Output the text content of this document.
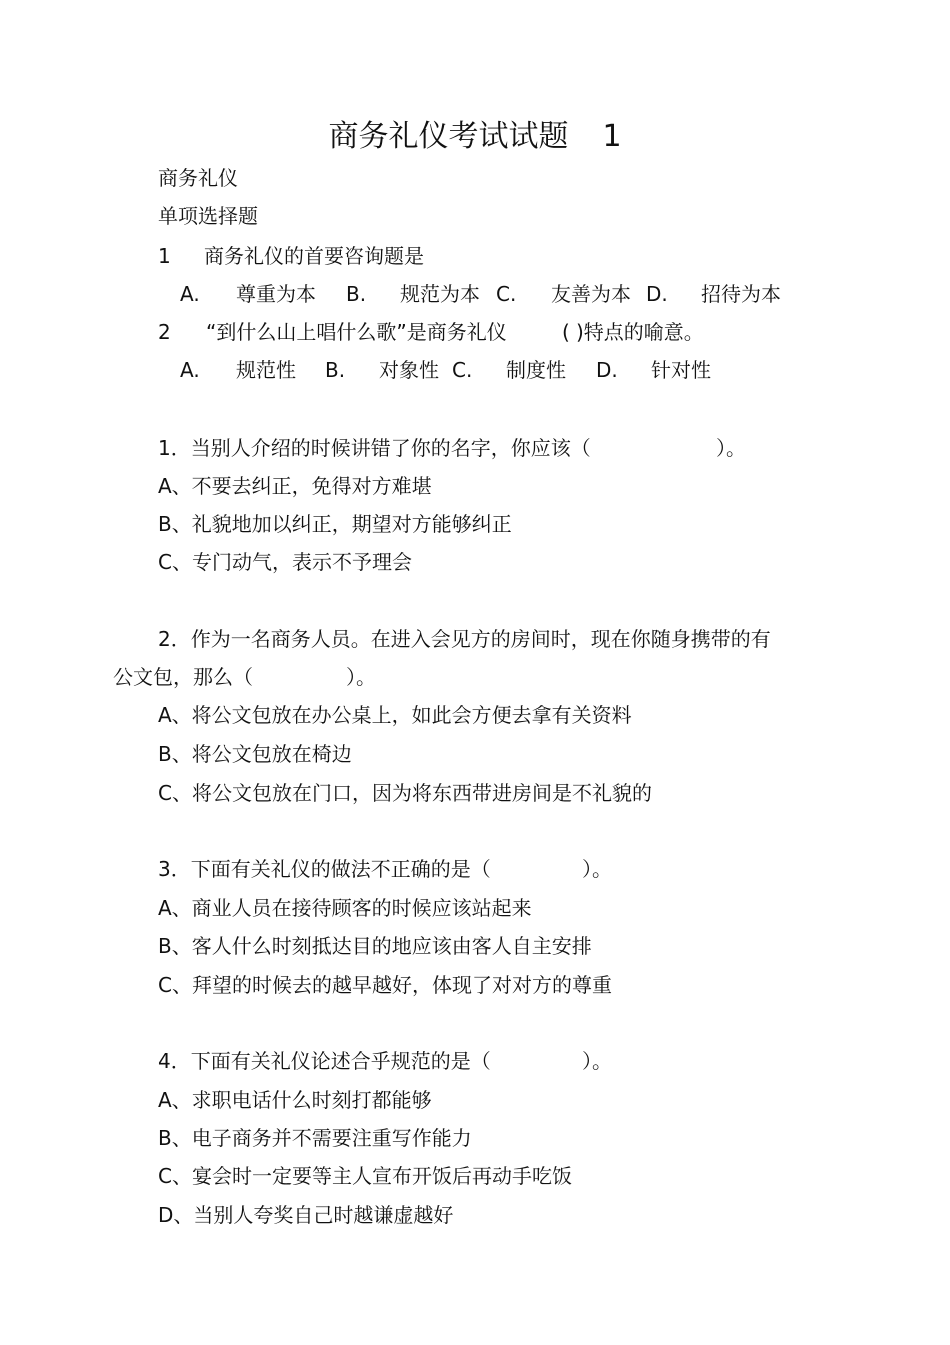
商务礼仪考试试题 1
商务礼仪
单项选择题
1 商务礼仪的首要咨询题是
A. 尊重为本 B. 规范为本 C. 友善为本 D. 招待为本
2 “到什么山上唱什么歌”是商务礼仪	( )特点的喻意。
A. 规范性 B. 对象性 C. 制度性 D. 针对性
1．当别人介绍的时候讲错了你的名字，你应该（	）。
A、不要去纠正，免得对方难堪
B、礼貌地加以纠正，期望对方能够纠正
C、专门动气，表示不予理会
2．作为一名商务人员。在进入会见方的房间时，现在你随身携带的有
公文包，那么（	）。
A、将公文包放在办公桌上，如此会方便去拿有关资料
B、将公文包放在椅边
C、将公文包放在门口，因为将东西带进房间是不礼貌的
3．下面有关礼仪的做法不正确的是（	）。
A、商业人员在接待顾客的时候应该站起来
B、客人什么时刻抵达目的地应该由客人自主安排
C、拜望的时候去的越早越好，体现了对对方的尊重
4．下面有关礼仪论述合乎规范的是（	）。
A、求职电话什么时刻打都能够
B、电子商务并不需要注重写作能力
C、宴会时一定要等主人宣布开饭后再动手吃饭
D、当别人夸奖自己时越谦虚越好
